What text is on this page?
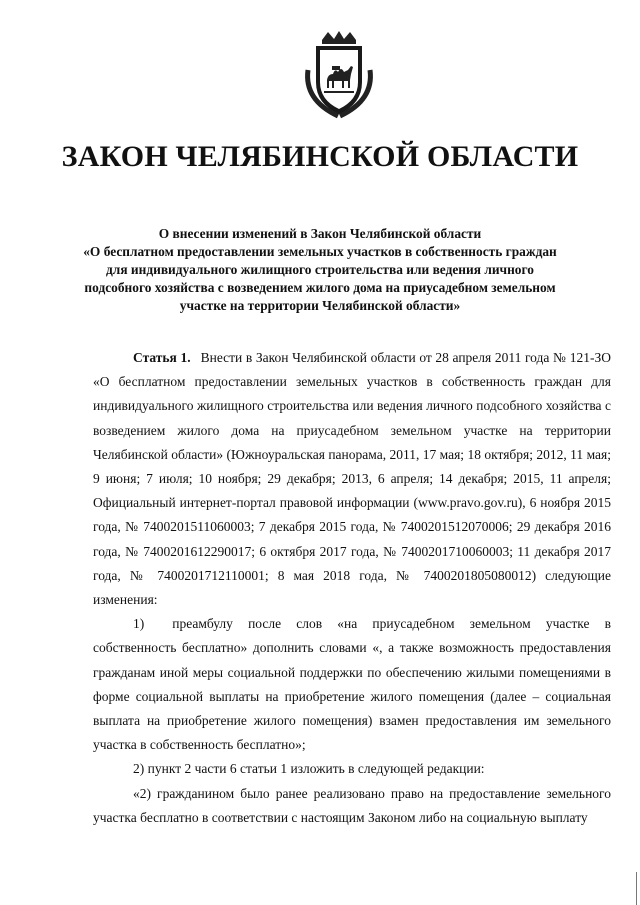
ЗАКОН ЧЕЛЯБИНСКОЙ ОБЛАСТИ
О внесении изменений в Закон Челябинской области
«О бесплатном предоставлении земельных участков в собственность граждан
для индивидуального жилищного строительства или ведения личного
подсобного хозяйства с возведением жилого дома на приусадебном земельном
участке на территории Челябинской области»

Статья 1. Внести в Закон Челябинской области от 28 апреля 2011 года № 121-ЗО «О бесплатном предоставлении земельных участков в собственность граждан для индивидуального жилищного строительства или ведения личного подсобного хозяйства с возведением жилого дома на приусадебном земельном участке на территории Челябинской области» (Южноуральская панорама, 2011, 17 мая; 18 октября; 2012, 11 мая; 9 июня; 7 июля; 10 ноября; 29 декабря; 2013, 6 апреля; 14 декабря; 2015, 11 апреля; Официальный интернет-портал правовой информации (www.pravo.gov.ru), 6 ноября 2015 года, № 7400201511060003; 7 декабря 2015 года, № 7400201512070006; 29 декабря 2016 года, № 7400201612290017; 6 октября 2017 года, № 7400201710060003; 11 декабря 2017 года, № 7400201712110001; 8 мая 2018 года, № 7400201805080012) следующие изменения:

1) преамбулу после слов «на приусадебном земельном участке в собственность бесплатно» дополнить словами «, а также возможность предоставления гражданам иной меры социальной поддержки по обеспечению жилыми помещениями в форме социальной выплаты на приобретение жилого помещения (далее – социальная выплата на приобретение жилого помещения) взамен предоставления им земельного участка в собственность бесплатно»;

2) пункт 2 части 6 статьи 1 изложить в следующей редакции:

«2) гражданином было ранее реализовано право на предоставление земельного участка бесплатно в соответствии с настоящим Законом либо на социальную выплату
